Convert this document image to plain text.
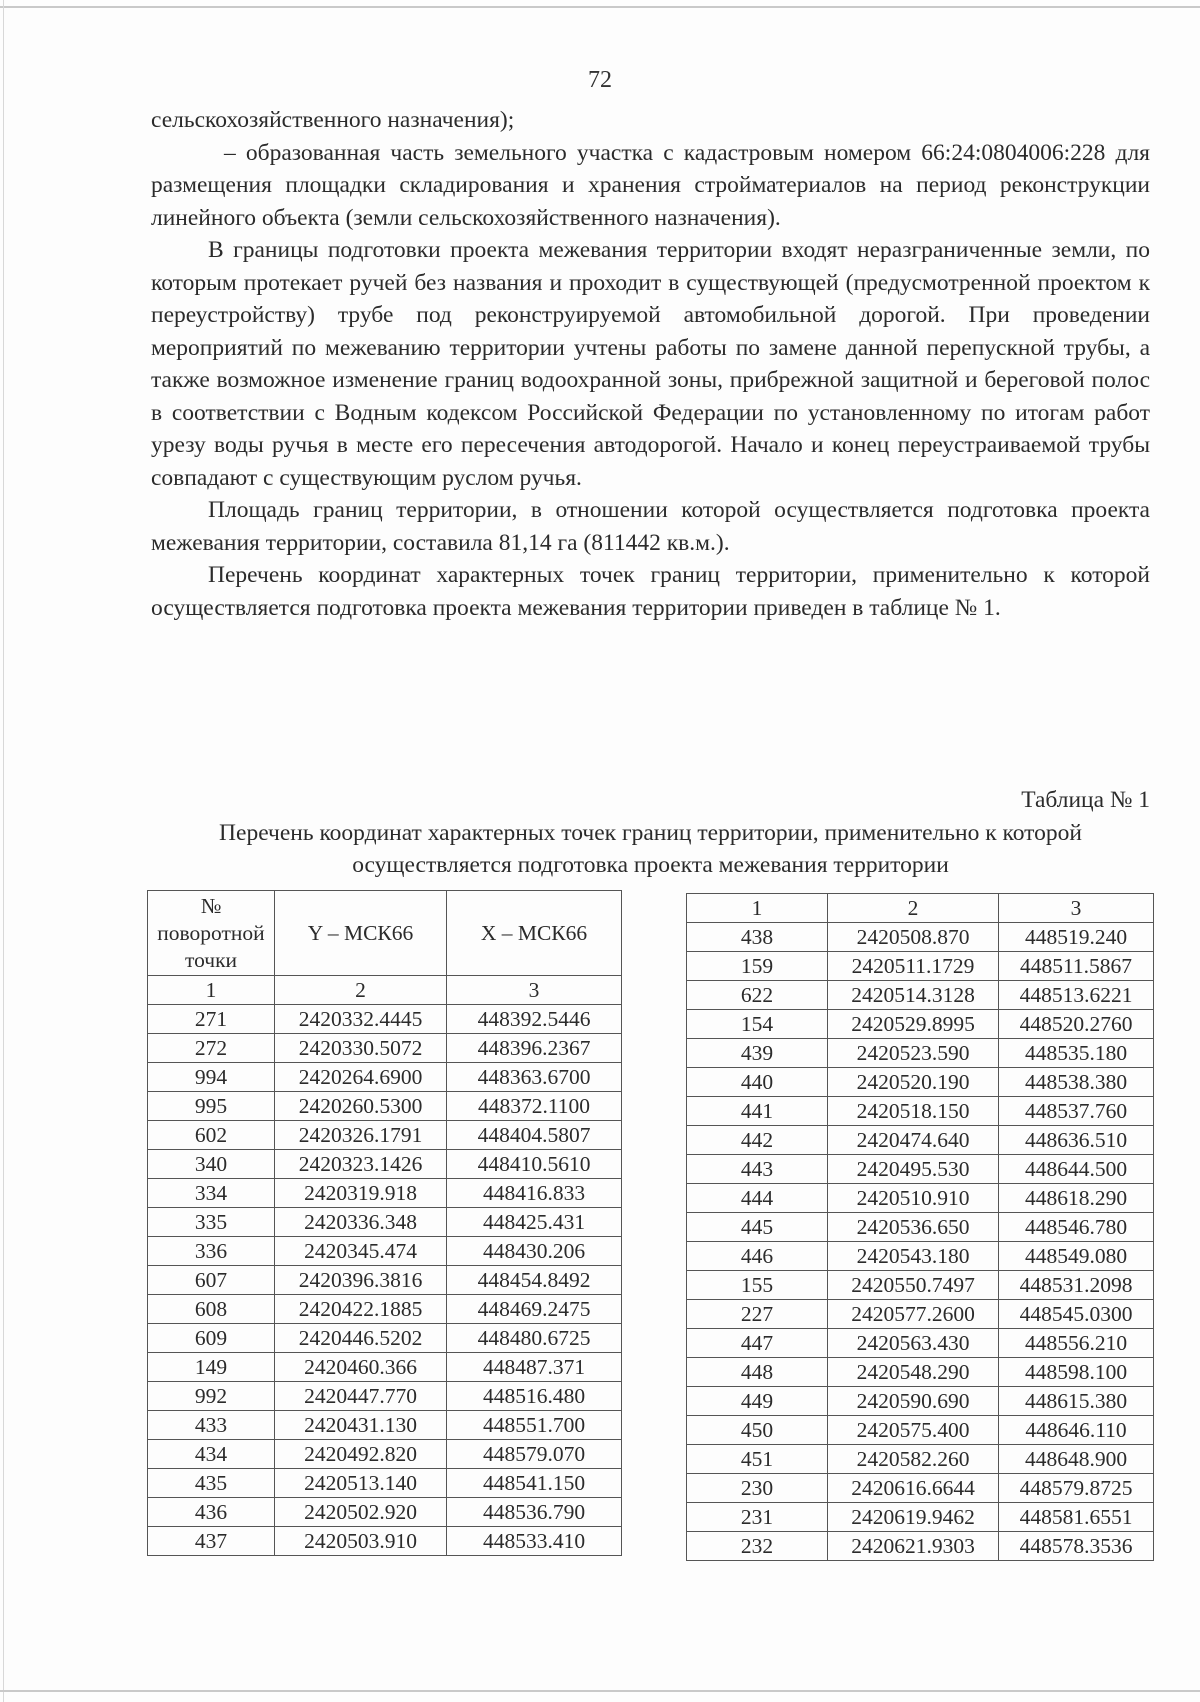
72

сельскохозяйственного назначения);

– образованная часть земельного участка с кадастровым номером 66:24:0804006:228 для размещения площадки складирования и хранения стройматериалов на период реконструкции линейного объекта (земли сельскохозяйственного назначения).

В границы подготовки проекта межевания территории входят неразграниченные земли, по которым протекает ручей без названия и проходит в существующей (предусмотренной проектом к переустройству) трубе под реконструируемой автомобильной дорогой. При проведении мероприятий по межеванию территории учтены работы по замене данной перепускной трубы, а также возможное изменение границ водоохранной зоны, прибрежной защитной и береговой полос в соответствии с Водным кодексом Российской Федерации по установленному по итогам работ урезу воды ручья в месте его пересечения автодорогой. Начало и конец переустраиваемой трубы совпадают с существующим руслом ручья.

Площадь границ территории, в отношении которой осуществляется подготовка проекта межевания территории, составила 81,14 га (811442 кв.м.).

Перечень координат характерных точек границ территории, применительно к которой осуществляется подготовка проекта межевания территории приведен в таблице № 1.

Таблица № 1
Перечень координат характерных точек границ территории, применительно к которой осуществляется подготовка проекта межевания территории
№ поворотной точки	Y – МСК66	X – МСК66
1	2	3
271	2420332.4445	448392.5446
272	2420330.5072	448396.2367
994	2420264.6900	448363.6700
995	2420260.5300	448372.1100
602	2420326.1791	448404.5807
340	2420323.1426	448410.5610
334	2420319.918	448416.833
335	2420336.348	448425.431
336	2420345.474	448430.206
607	2420396.3816	448454.8492
608	2420422.1885	448469.2475
609	2420446.5202	448480.6725
149	2420460.366	448487.371
992	2420447.770	448516.480
433	2420431.130	448551.700
434	2420492.820	448579.070
435	2420513.140	448541.150
436	2420502.920	448536.790
437	2420503.910	448533.410
1	2	3
438	2420508.870	448519.240
159	2420511.1729	448511.5867
622	2420514.3128	448513.6221
154	2420529.8995	448520.2760
439	2420523.590	448535.180
440	2420520.190	448538.380
441	2420518.150	448537.760
442	2420474.640	448636.510
443	2420495.530	448644.500
444	2420510.910	448618.290
445	2420536.650	448546.780
446	2420543.180	448549.080
155	2420550.7497	448531.2098
227	2420577.2600	448545.0300
447	2420563.430	448556.210
448	2420548.290	448598.100
449	2420590.690	448615.380
450	2420575.400	448646.110
451	2420582.260	448648.900
230	2420616.6644	448579.8725
231	2420619.9462	448581.6551
232	2420621.9303	448578.3536
